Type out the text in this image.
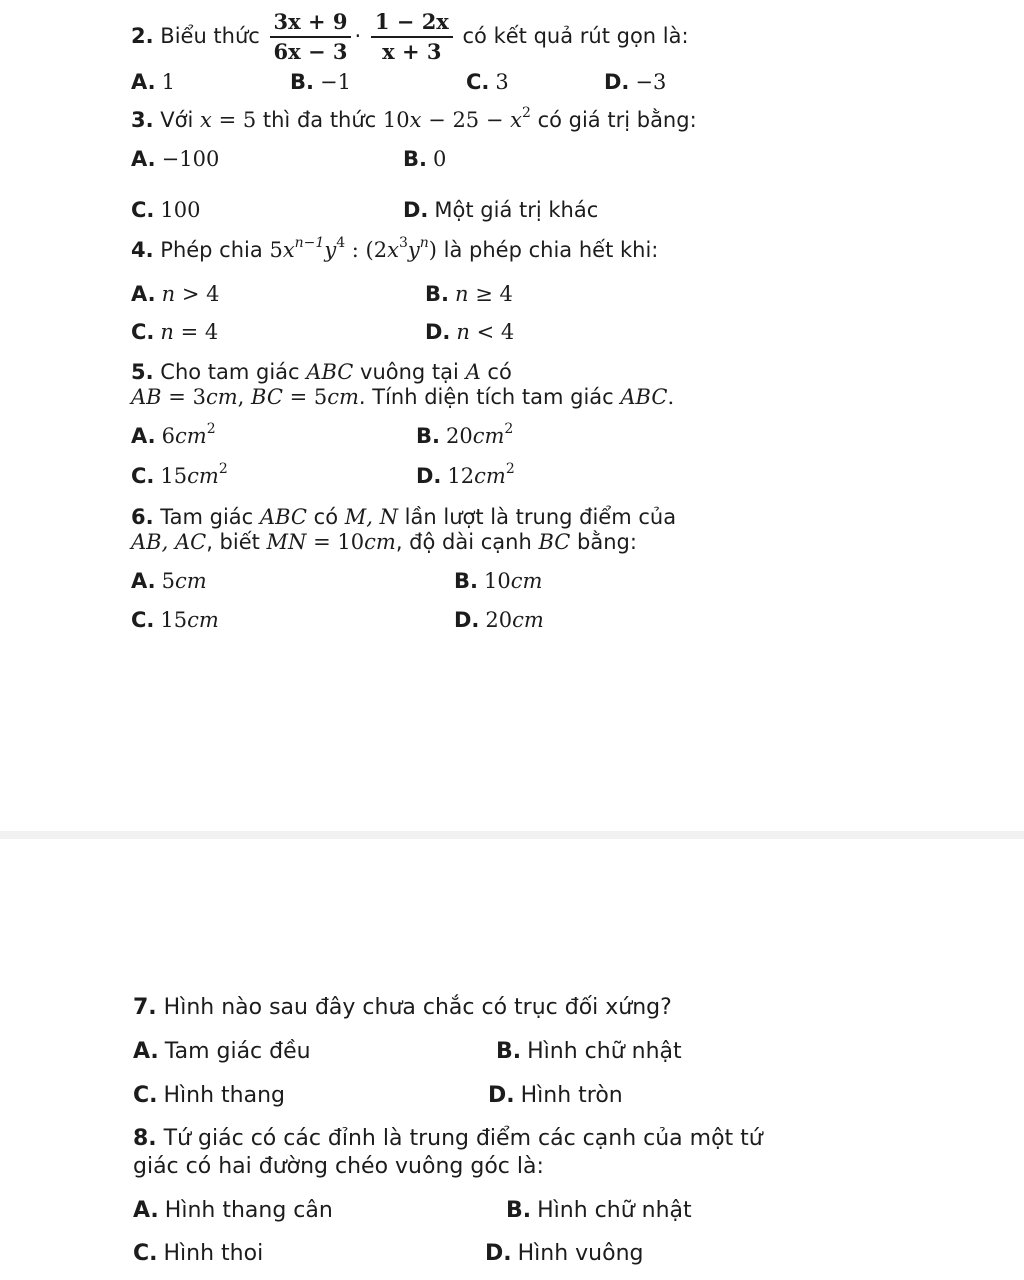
2. Biểu thức $\frac{3x + 9}{6x - 3} \cdot \frac{1 - 2x}{x + 3}$ có kết quả rút gọn là:
A. 1	B. −1	C. 3	D. −3
3. Với x = 5 thì đa thức $10x - 25 - x^2$ có giá trị bằng:
A. −100	B. 0
C. 100	D. Một giá trị khác
4. Phép chia $5x^{n-1}y^4$ : $(2x^3y^n)$ là phép chia hết khi:
A. n > 4	B. n ≥ 4
C. n = 4	D. n < 4
5. Cho tam giác ABC vuông tại A có
AB = 3cm, BC = 5cm. Tính diện tích tam giác ABC.
A. $6cm^2$	B. $20cm^2$
C. $15cm^2$	D. $12cm^2$
6. Tam giác ABC có M, N lần lượt là trung điểm của
AB, AC, biết MN = 10cm, độ dài cạnh BC bằng:
A. 5cm	B. 10cm
C. 15cm	D. 20cm
7. Hình nào sau đây chưa chắc có trục đối xứng?
A. Tam giác đều	B. Hình chữ nhật
C. Hình thang	D. Hình tròn
8. Tứ giác có các đỉnh là trung điểm các cạnh của một tứ
giác có hai đường chéo vuông góc là:
A. Hình thang cân	B. Hình chữ nhật
C. Hình thoi	D. Hình vuông
